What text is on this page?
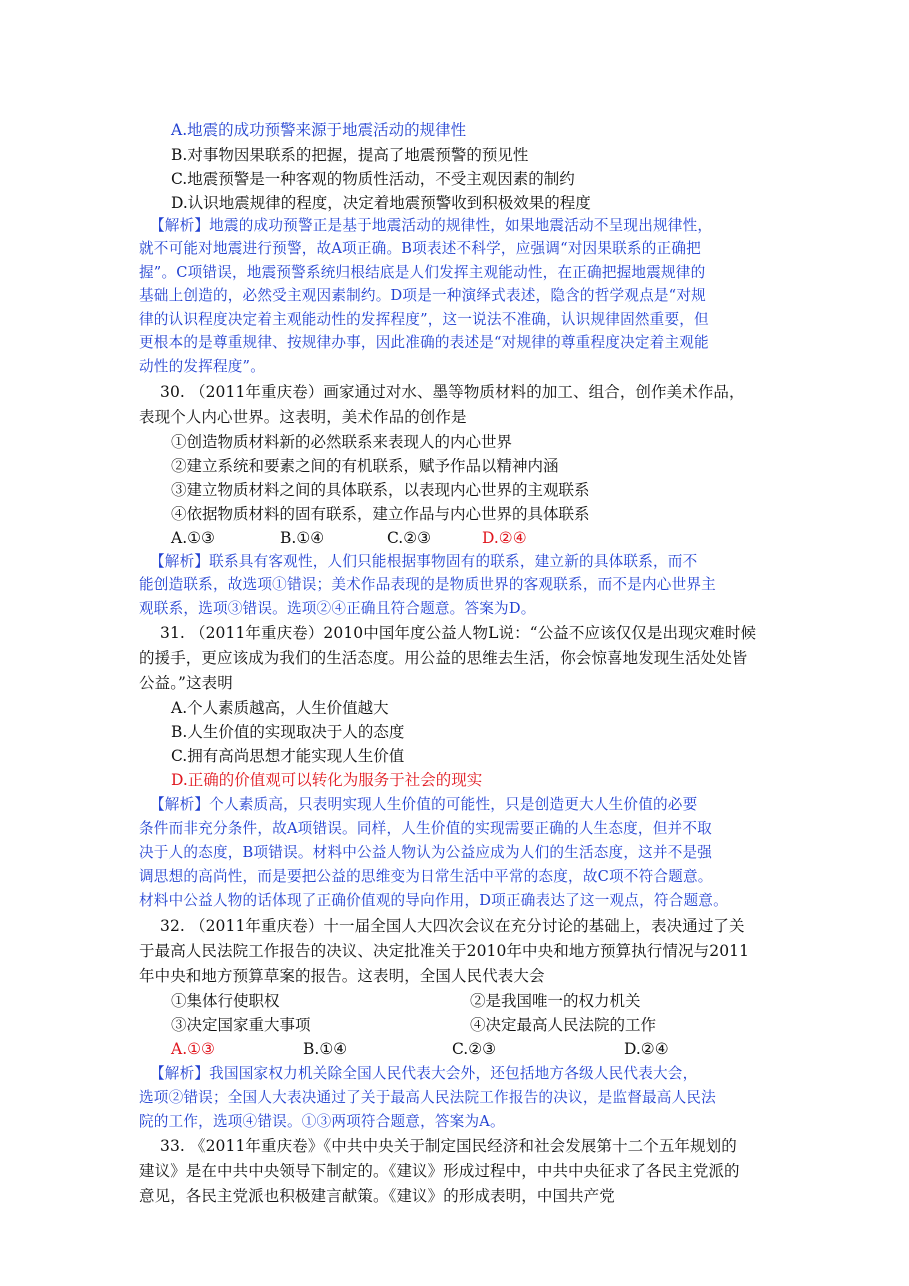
A.地震的成功预警来源于地震活动的规律性
B.对事物因果联系的把握，提高了地震预警的预见性
C.地震预警是一种客观的物质性活动，不受主观因素的制约
D.认识地震规律的程度，决定着地震预警收到积极效果的程度
【解析】地震的成功预警正是基于地震活动的规律性，如果地震活动不呈现出规律性，
就不可能对地震进行预警，故A项正确。B项表述不科学，应强调“对因果联系的正确把
握”。C项错误，地震预警系统归根结底是人们发挥主观能动性，在正确把握地震规律的
基础上创造的，必然受主观因素制约。D项是一种演绎式表述，隐含的哲学观点是“对规
律的认识程度决定着主观能动性的发挥程度”，这一说法不准确，认识规律固然重要，但
更根本的是尊重规律、按规律办事，因此准确的表述是“对规律的尊重程度决定着主观能
动性的发挥程度”。
30. （2011年重庆卷）画家通过对水、墨等物质材料的加工、组合，创作美术作品，
表现个人内心世界。这表明，美术作品的创作是
①创造物质材料新的必然联系来表现人的内心世界
②建立系统和要素之间的有机联系，赋予作品以精神内涵
③建立物质材料之间的具体联系，以表现内心世界的主观联系
④依据物质材料的固有联系，建立作品与内心世界的具体联系
A.①③	B.①④	C.②③	D.②④
【解析】联系具有客观性，人们只能根据事物固有的联系，建立新的具体联系，而不
能创造联系，故选项①错误；美术作品表现的是物质世界的客观联系，而不是内心世界主
观联系，选项③错误。选项②④正确且符合题意。答案为D。
31. （2011年重庆卷）2010中国年度公益人物L说：“公益不应该仅仅是出现灾难时候
的援手，更应该成为我们的生活态度。用公益的思维去生活，你会惊喜地发现生活处处皆
公益。”这表明
A.个人素质越高，人生价值越大
B.人生价值的实现取决于人的态度
C.拥有高尚思想才能实现人生价值
D.正确的价值观可以转化为服务于社会的现实
【解析】个人素质高，只表明实现人生价值的可能性，只是创造更大人生价值的必要
条件而非充分条件，故A项错误。同样，人生价值的实现需要正确的人生态度，但并不取
决于人的态度，B项错误。材料中公益人物认为公益应成为人们的生活态度，这并不是强
调思想的高尚性，而是要把公益的思维变为日常生活中平常的态度，故C项不符合题意。
材料中公益人物的话体现了正确价值观的导向作用，D项正确表达了这一观点，符合题意。
32. （2011年重庆卷）十一届全国人大四次会议在充分讨论的基础上，表决通过了关
于最高人民法院工作报告的决议、决定批准关于2010年中央和地方预算执行情况与2011
年中央和地方预算草案的报告。这表明，全国人民代表大会
①集体行使职权	②是我国唯一的权力机关
③决定国家重大事项	④决定最高人民法院的工作
A.①③	B.①④	C.②③	D.②④
【解析】我国国家权力机关除全国人民代表大会外，还包括地方各级人民代表大会，
选项②错误；全国人大表决通过了关于最高人民法院工作报告的决议，是监督最高人民法
院的工作，选项④错误。①③两项符合题意，答案为A。
33. 《2011年重庆卷》《中共中央关于制定国民经济和社会发展第十二个五年规划的
建议》是在中共中央领导下制定的。《建议》形成过程中，中共中央征求了各民主党派的
意见，各民主党派也积极建言献策。《建议》的形成表明，中国共产党
